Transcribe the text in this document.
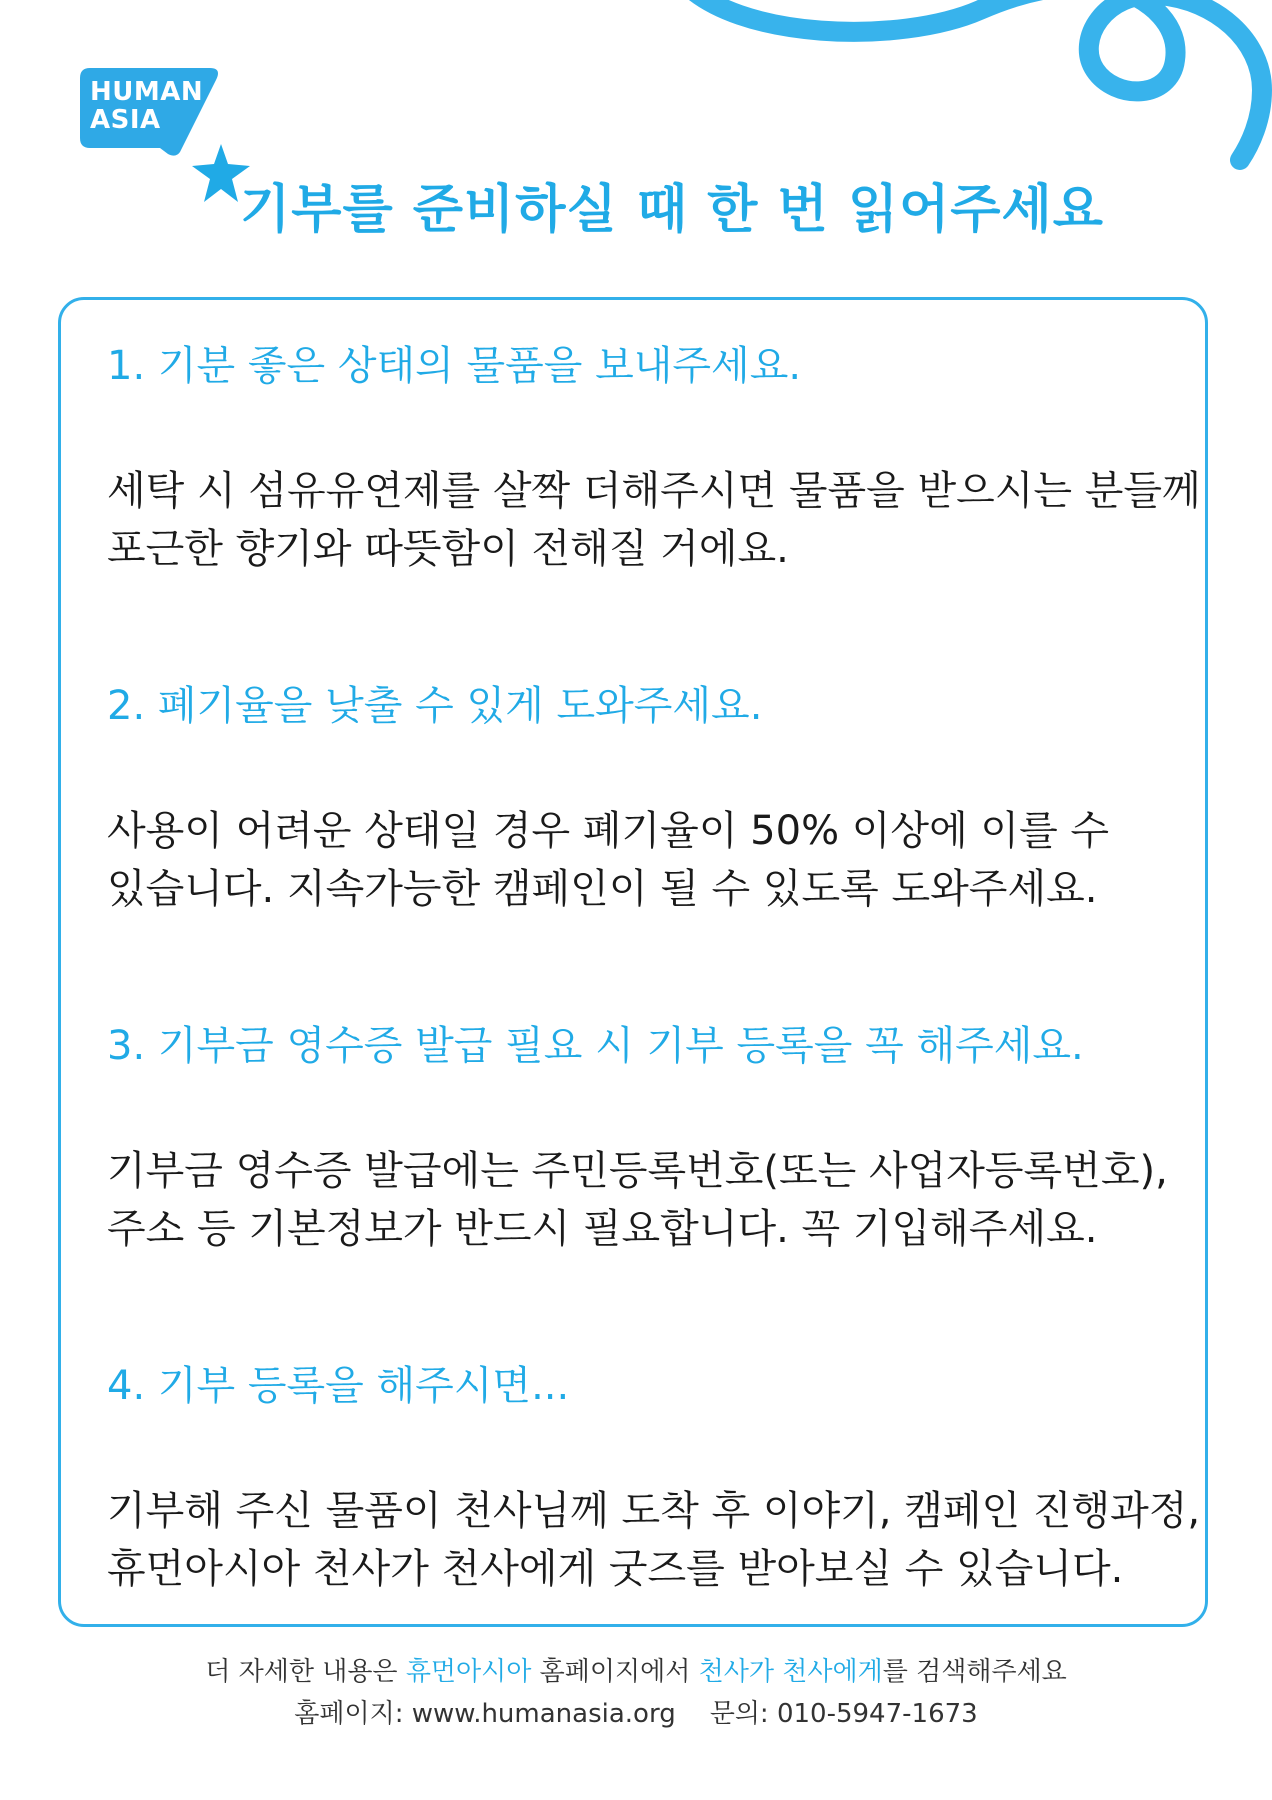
HUMAN
ASIA
기부를 준비하실 때 한 번 읽어주세요
1. 기분 좋은 상태의 물품을 보내주세요.

세탁 시 섬유유연제를 살짝 더해주시면 물품을 받으시는 분들께
포근한 향기와 따뜻함이 전해질 거에요.

2. 폐기율을 낮출 수 있게 도와주세요.

사용이 어려운 상태일 경우 폐기율이 50% 이상에 이를 수
있습니다. 지속가능한 캠페인이 될 수 있도록 도와주세요.

3. 기부금 영수증 발급 필요 시 기부 등록을 꼭 해주세요.

기부금 영수증 발급에는 주민등록번호(또는 사업자등록번호),
주소 등 기본정보가 반드시 필요합니다. 꼭 기입해주세요.

4. 기부 등록을 해주시면...

기부해 주신 물품이 천사님께 도착 후 이야기, 캠페인 진행과정,
휴먼아시아 천사가 천사에게 굿즈를 받아보실 수 있습니다.

더 자세한 내용은 휴먼아시아 홈페이지에서 천사가 천사에게를 검색해주세요
홈페이지: www.humanasia.org 문의: 010-5947-1673
